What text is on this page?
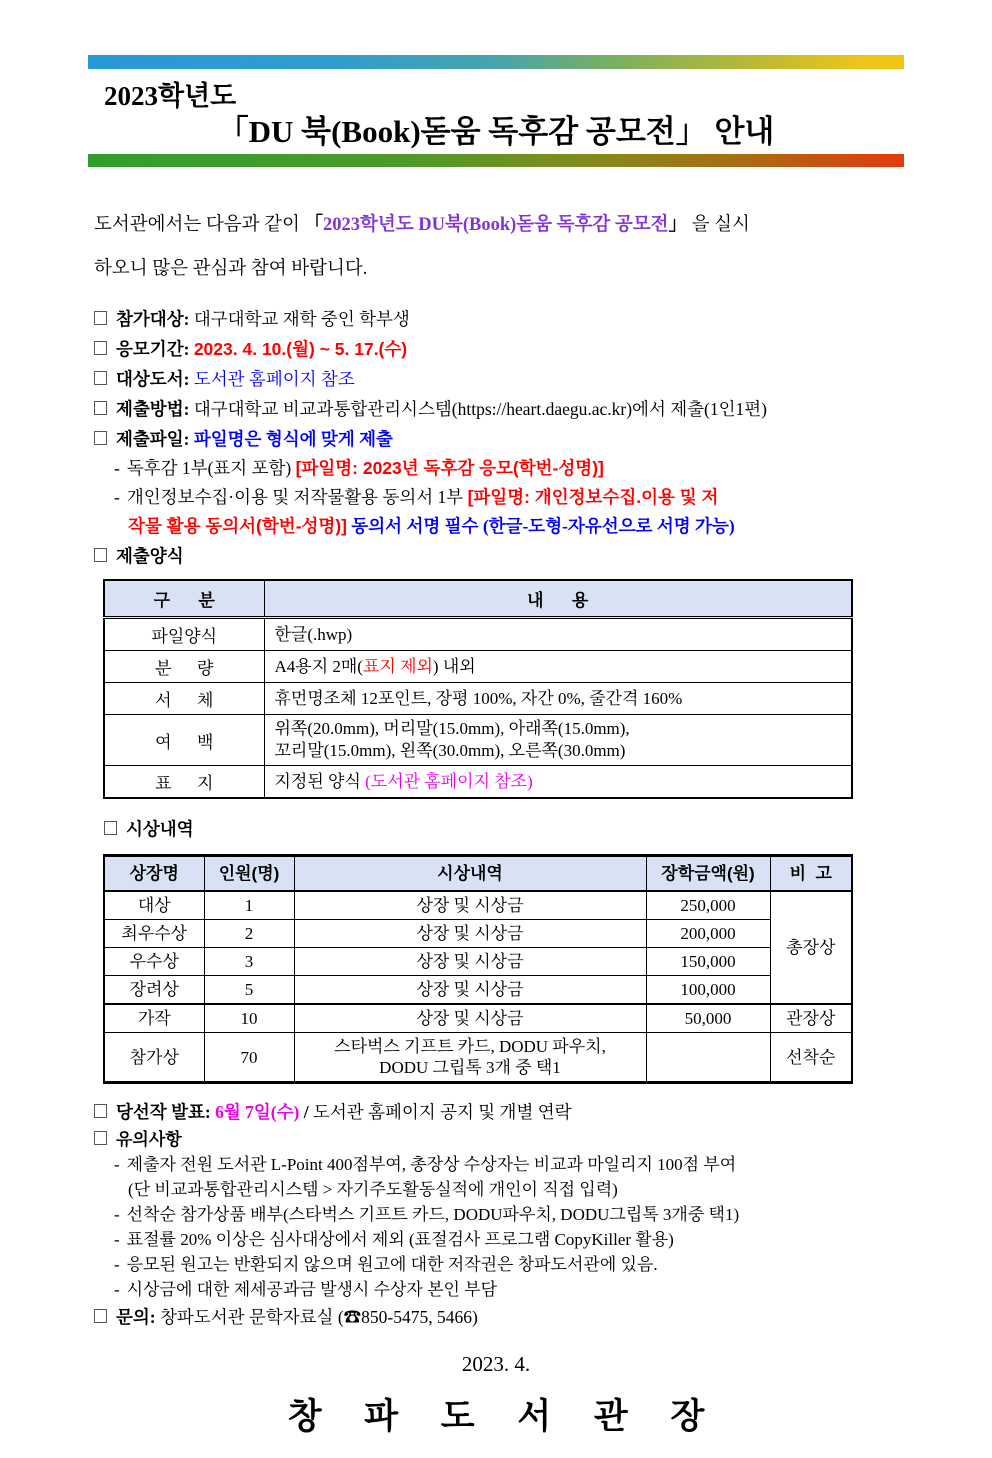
2023학년도
「DU 북(Book)돋움 독후감 공모전」 안내
도서관에서는 다음과 같이 「2023학년도 DU북(Book)돋움 독후감 공모전」 을 실시
하오니 많은 관심과 참여 바랍니다.
참가대상: 대구대학교 재학 중인 학부생
응모기간: 2023. 4. 10.(월) ~ 5. 17.(수)
대상도서: 도서관 홈페이지 참조
제출방법: 대구대학교 비교과통합관리시스템(https://heart.daegu.ac.kr)에서 제출(1인1편)
제출파일: 파일명은 형식에 맞게 제출
- 독후감 1부(표지 포함) [파일명: 2023년 독후감 응모(학번-성명)]
- 개인정보수집·이용 및 저작물활용 동의서 1부 [파일명: 개인정보수집.이용 및 저
작물 활용 동의서(학번-성명)] 동의서 서명 필수 (한글-도형-자유선으로 서명 가능)
제출양식
구      분	내      용
파일양식	한글(.hwp)
분      량	A4용지 2매(표지 제외) 내외
서      체	휴먼명조체 12포인트, 장평 100%, 자간 0%, 줄간격 160%
여      백	위쪽(20.0mm), 머리말(15.0mm), 아래쪽(15.0mm),
꼬리말(15.0mm), 왼쪽(30.0mm), 오른쪽(30.0mm)

표      지	지정된 양식 (도서관 홈페이지 참조)
시상내역
상장명	인원(명)	시상내역	장학금액(원)	비  고
대상	1	상장 및 시상금	250,000	총장상
최우수상	2	상장 및 시상금	200,000	
우수상	3	상장 및 시상금	150,000	
장려상	5	상장 및 시상금	100,000	
가작	10	상장 및 시상금	50,000	관장상
참가상	70	스타벅스 기프트 카드, DODU 파우치,
DODU 그립톡 3개 중 택1		선착순
당선작 발표: 6월 7일(수) / 도서관 홈페이지 공지 및 개별 연락
유의사항
- 제출자 전원 도서관 L-Point 400점부여, 총장상 수상자는 비교과 마일리지 100점 부여
(단 비교과통합관리시스템 > 자기주도활동실적에 개인이 직접 입력)
- 선착순 참가상품 배부(스타벅스 기프트 카드, DODU파우치, DODU그립톡 3개중 택1)
- 표절률 20% 이상은 심사대상에서 제외 (표절검사 프로그램 CopyKiller 활용)
- 응모된 원고는 반환되지 않으며 원고에 대한 저작권은 창파도서관에 있음.
- 시상금에 대한 제세공과금 발생시 수상자 본인 부담
문의: 창파도서관 문학자료실 (☎850-5475, 5466)
2023. 4.
창 파 도 서 관 장
